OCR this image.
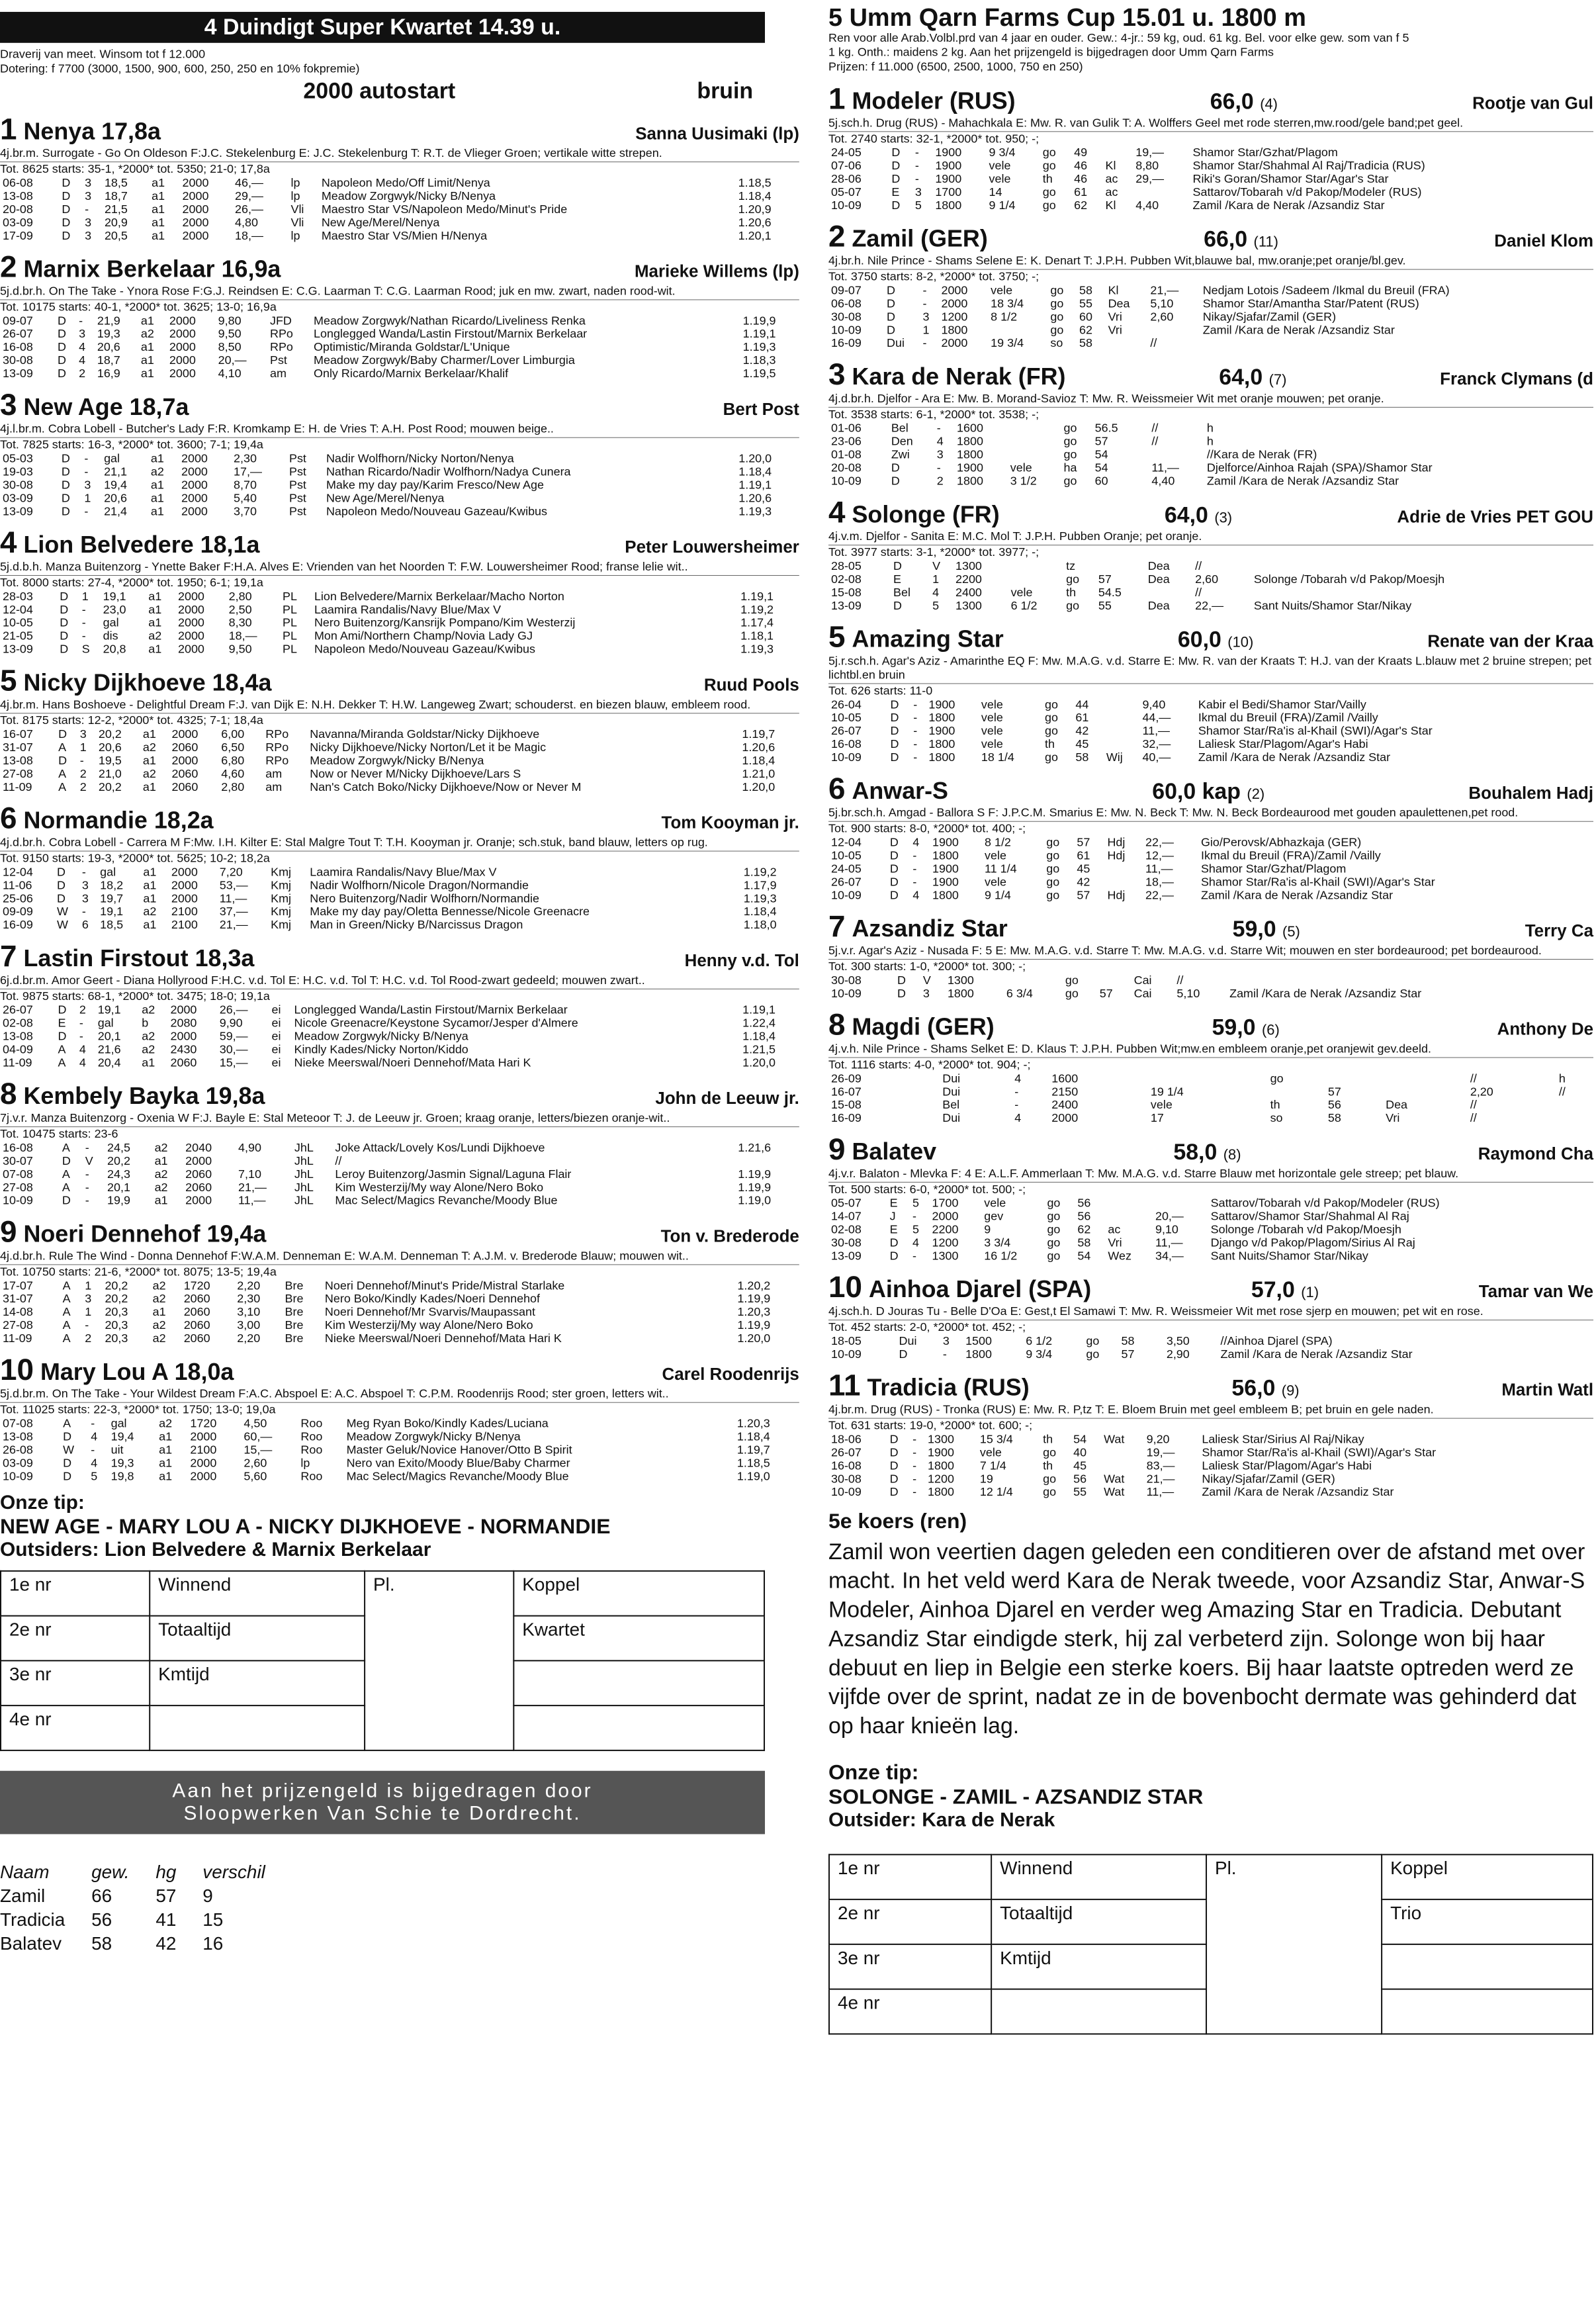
4 Duindigt Super Kwartet 14.39 u.
Draverij van meet. Winsom tot f 12.000
Dotering: f 7700 (3000, 1500, 900, 600, 250, 250 en 10% fokpremie)
2000 autostart	bruin
1 Nenya 17,8a	Sanna Uusimaki (lp)
4j.br.m. Surrogate - Go On Oldeson F:J.C. Stekelenburg E: J.C. Stekelenburg T: R.T. de Vlieger Groen; vertikale witte strepen.
Tot. 8625 starts: 35-1, *2000* tot. 5350; 21-0; 17,8a
06-08	D	3	18,5	a1	2000	46,—	lp	Napoleon Medo/Off Limit/Nenya	1.18,5
13-08	D	3	18,7	a1	2000	29,—	lp	Meadow Zorgwyk/Nicky B/Nenya	1.18,4
20-08	D	-	21,5	a1	2000	26,—	Vli	Maestro Star VS/Napoleon Medo/Minut's Pride	1.20,9
03-09	D	3	20,9	a1	2000	4,80	Vli	New Age/Merel/Nenya	1.20,6
17-09	D	3	20,5	a1	2000	18,—	lp	Maestro Star VS/Mien H/Nenya	1.20,1
2 Marnix Berkelaar 16,9a	Marieke Willems (lp)
5j.d.br.h. On The Take - Ynora Rose F:G.J. Reindsen E: C.G. Laarman T: C.G. Laarman Rood; juk en mw. zwart, naden rood-wit.
Tot. 10175 starts: 40-1, *2000* tot. 3625; 13-0; 16,9a
09-07	D	-	21,9	a1	2000	9,80	JFD	Meadow Zorgwyk/Nathan Ricardo/Liveliness Renka	1.19,9
26-07	D	3	19,3	a2	2000	9,50	RPo	Longlegged Wanda/Lastin Firstout/Marnix Berkelaar	1.19,1
16-08	D	4	20,6	a1	2000	8,50	RPo	Optimistic/Miranda Goldstar/L'Unique	1.19,3
30-08	D	4	18,7	a1	2000	20,—	Pst	Meadow Zorgwyk/Baby Charmer/Lover Limburgia	1.18,3
13-09	D	2	16,9	a1	2000	4,10	am	Only Ricardo/Marnix Berkelaar/Khalif	1.19,5
3 New Age 18,7a	Bert Post
4j.l.br.m. Cobra Lobell - Butcher's Lady F:R. Kromkamp E: H. de Vries T: A.H. Post Rood; mouwen beige..
Tot. 7825 starts: 16-3, *2000* tot. 3600; 7-1; 19,4a
05-03	D	-	gal	a1	2000	2,30	Pst	Nadir Wolfhorn/Nicky Norton/Nenya	1.20,0
19-03	D	-	21,1	a2	2000	17,—	Pst	Nathan Ricardo/Nadir Wolfhorn/Nadya Cunera	1.18,4
30-08	D	3	19,4	a1	2000	8,70	Pst	Make my day pay/Karim Fresco/New Age	1.19,1
03-09	D	1	20,6	a1	2000	5,40	Pst	New Age/Merel/Nenya	1.20,6
13-09	D	-	21,4	a1	2000	3,70	Pst	Napoleon Medo/Nouveau Gazeau/Kwibus	1.19,3
4 Lion Belvedere 18,1a	Peter Louwersheimer
5j.d.b.h. Manza Buitenzorg - Ynette Baker F:H.A. Alves E: Vrienden van het Noorden T: F.W. Louwersheimer Rood; franse lelie wit..
Tot. 8000 starts: 27-4, *2000* tot. 1950; 6-1; 19,1a
28-03	D	1	19,1	a1	2000	2,80	PL	Lion Belvedere/Marnix Berkelaar/Macho Norton	1.19,1
12-04	D	-	23,0	a1	2000	2,50	PL	Laamira Randalis/Navy Blue/Max V	1.19,2
10-05	D	-	gal	a1	2000	8,30	PL	Nero Buitenzorg/Kansrijk Pompano/Kim Westerzij	1.17,4
21-05	D	-	dis	a2	2000	18,—	PL	Mon Ami/Northern Champ/Novia Lady GJ	1.18,1
13-09	D	S	20,8	a1	2000	9,50	PL	Napoleon Medo/Nouveau Gazeau/Kwibus	1.19,3
5 Nicky Dijkhoeve 18,4a	Ruud Pools
4j.br.m. Hans Boshoeve - Delightful Dream F:J. van Dijk E: N.H. Dekker T: H.W. Langeweg Zwart; schouderst. en biezen blauw, embleem rood.
Tot. 8175 starts: 12-2, *2000* tot. 4325; 7-1; 18,4a
16-07	D	3	20,2	a1	2000	6,00	RPo	Navanna/Miranda Goldstar/Nicky Dijkhoeve	1.19,7
31-07	A	1	20,6	a2	2060	6,50	RPo	Nicky Dijkhoeve/Nicky Norton/Let it be Magic	1.20,6
13-08	D	-	19,5	a1	2000	6,80	RPo	Meadow Zorgwyk/Nicky B/Nenya	1.18,4
27-08	A	2	21,0	a2	2060	4,60	am	Now or Never M/Nicky Dijkhoeve/Lars S	1.21,0
11-09	A	2	20,2	a1	2060	2,80	am	Nan's Catch Boko/Nicky Dijkhoeve/Now or Never M	1.20,0
6 Normandie 18,2a	Tom Kooyman jr.
4j.d.br.h. Cobra Lobell - Carrera M F:Mw. I.H. Kilter E: Stal Malgre Tout T: T.H. Kooyman jr. Oranje; sch.stuk, band blauw, letters op rug.
Tot. 9150 starts: 19-3, *2000* tot. 5625; 10-2; 18,2a
12-04	D	-	gal	a1	2000	7,20	Kmj	Laamira Randalis/Navy Blue/Max V	1.19,2
11-06	D	3	18,2	a1	2000	53,—	Kmj	Nadir Wolfhorn/Nicole Dragon/Normandie	1.17,9
25-06	D	3	19,7	a1	2000	11,—	Kmj	Nero Buitenzorg/Nadir Wolfhorn/Normandie	1.19,3
09-09	W	-	19,1	a2	2100	37,—	Kmj	Make my day pay/Oletta Bennesse/Nicole Greenacre	1.18,4
16-09	W	6	18,5	a1	2100	21,—	Kmj	Man in Green/Nicky B/Narcissus Dragon	1.18,0
7 Lastin Firstout 18,3a	Henny v.d. Tol
6j.d.br.m. Amor Geert - Diana Hollyrood F:H.C. v.d. Tol E: H.C. v.d. Tol T: H.C. v.d. Tol Rood-zwart gedeeld; mouwen zwart..
Tot. 9875 starts: 68-1, *2000* tot. 3475; 18-0; 19,1a
26-07	D	2	19,1	a2	2000	26,—	ei	Longlegged Wanda/Lastin Firstout/Marnix Berkelaar	1.19,1
02-08	E	-	gal	b	2080	9,90	ei	Nicole Greenacre/Keystone Sycamor/Jesper d'Almere	1.22,4
13-08	D	-	20,1	a2	2000	59,—	ei	Meadow Zorgwyk/Nicky B/Nenya	1.18,4
04-09	A	4	21,6	a2	2430	30,—	ei	Kindly Kades/Nicky Norton/Kiddo	1.21,5
11-09	A	4	20,4	a1	2060	15,—	ei	Nieke Meerswal/Noeri Dennehof/Mata Hari K	1.20,0
8 Kembely Bayka 19,8a	John de Leeuw jr.
7j.v.r. Manza Buitenzorg - Oxenia W F:J. Bayle E: Stal Meteoor T: J. de Leeuw jr. Groen; kraag oranje, letters/biezen oranje-wit..
Tot. 10475 starts: 23-6
16-08	A	-	24,5	a2	2040	4,90	JhL	Joke Attack/Lovely Kos/Lundi Dijkhoeve	1.21,6
30-07	D	V	20,2	a1	2000		JhL	//	
07-08	A	-	24,3	a2	2060	7,10	JhL	Leroy Buitenzorg/Jasmin Signal/Laguna Flair	1.19,9
27-08	A	-	20,1	a2	2060	21,—	JhL	Kim Westerzij/My way Alone/Nero Boko	1.19,9
10-09	D	-	19,9	a1	2000	11,—	JhL	Mac Select/Magics Revanche/Moody Blue	1.19,0
9 Noeri Dennehof 19,4a	Ton v. Brederode
4j.d.br.h. Rule The Wind - Donna Dennehof F:W.A.M. Denneman E: W.A.M. Denneman T: A.J.M. v. Brederode Blauw; mouwen wit..
Tot. 10750 starts: 21-6, *2000* tot. 8075; 13-5; 19,4a
17-07	A	1	20,2	a2	1720	2,20	Bre	Noeri Dennehof/Minut's Pride/Mistral Starlake	1.20,2
31-07	A	3	20,2	a2	2060	2,30	Bre	Nero Boko/Kindly Kades/Noeri Dennehof	1.19,9
14-08	A	1	20,3	a1	2060	3,10	Bre	Noeri Dennehof/Mr Svarvis/Maupassant	1.20,3
27-08	A	-	20,3	a2	2060	3,00	Bre	Kim Westerzij/My way Alone/Nero Boko	1.19,9
11-09	A	2	20,3	a2	2060	2,20	Bre	Nieke Meerswal/Noeri Dennehof/Mata Hari K	1.20,0
10 Mary Lou A 18,0a	Carel Roodenrijs
5j.d.br.m. On The Take - Your Wildest Dream F:A.C. Abspoel E: A.C. Abspoel T: C.P.M. Roodenrijs Rood; ster groen, letters wit..
Tot. 11025 starts: 22-3, *2000* tot. 1750; 13-0; 19,0a
07-08	A	-	gal	a2	1720	4,50	Roo	Meg Ryan Boko/Kindly Kades/Luciana	1.20,3
13-08	D	4	19,4	a1	2000	60,—	Roo	Meadow Zorgwyk/Nicky B/Nenya	1.18,4
26-08	W	-	uit	a1	2100	15,—	Roo	Master Geluk/Novice Hanover/Otto B Spirit	1.19,7
03-09	D	4	19,3	a1	2000	2,60	lp	Nero van Exito/Moody Blue/Baby Charmer	1.18,5
10-09	D	5	19,8	a1	2000	5,60	Roo	Mac Select/Magics Revanche/Moody Blue	1.19,0
Onze tip:
NEW AGE - MARY LOU A - NICKY DIJKHOEVE - NORMANDIE
Outsiders: Lion Belvedere & Marnix Berkelaar
1e nr	Winnend	Pl.	Koppel
2e nr	Totaaltijd		Kwartet
3e nr	Kmtijd		
4e nr			
Aan het prijzengeld is bijgedragen door
Sloopwerken Van Schie te Dordrecht.
Naam	gew.	hg	verschil
Zamil	66	57	9
Tradicia	56	41	15
Balatev	58	42	16
5 Umm Qarn Farms Cup 15.01 u. 1800 m
Ren voor alle Arab.Volbl.prd van 4 jaar en ouder. Gew.: 4-jr.: 59 kg, oud. 61 kg. Bel. voor elke gew. som van f 5
1 kg. Onth.: maidens 2 kg. Aan het prijzengeld is bijgedragen door Umm Qarn Farms
Prijzen: f 11.000 (6500, 2500, 1000, 750 en 250)
1 Modeler (RUS)	66,0 (4)	Rootje van Gul
5j.sch.h. Drug (RUS) - Mahachkala E: Mw. R. van Gulik T: A. Wolffers Geel met rode sterren,mw.rood/gele band;pet geel.
Tot. 2740 starts: 32-1, *2000* tot. 950; -;
24-05	D	-	1900	9 3/4	go	49		19,—	Shamor Star/Gzhat/Plagom
07-06	D	-	1900	vele	go	46	Kl	8,80	Shamor Star/Shahmal Al Raj/Tradicia (RUS)
28-06	D	-	1900	vele	th	46	ac	29,—	Riki's Goran/Shamor Star/Agar's Star
05-07	E	3	1700	14	go	61	ac		Sattarov/Tobarah v/d Pakop/Modeler (RUS)
10-09	D	5	1800	9 1/4	go	62	Kl	4,40	Zamil /Kara de Nerak /Azsandiz Star
2 Zamil (GER)	66,0 (11)	Daniel Klom
4j.br.h. Nile Prince - Shams Selene E: K. Denart T: J.P.H. Pubben Wit,blauwe bal, mw.oranje;pet oranje/bl.gev.
Tot. 3750 starts: 8-2, *2000* tot. 3750; -;
09-07	D	-	2000	vele	go	58	Kl	21,—	Nedjam Lotois /Sadeem /Ikmal du Breuil (FRA)
06-08	D	-	2000	18 3/4	go	55	Dea	5,10	Shamor Star/Amantha Star/Patent (RUS)
30-08	D	3	1200	8 1/2	go	60	Vri	2,60	Nikay/Sjafar/Zamil (GER)
10-09	D	1	1800		go	62	Vri		Zamil /Kara de Nerak /Azsandiz Star
16-09	Dui	-	2000	19 3/4	so	58		//	
3 Kara de Nerak (FR)	64,0 (7)	Franck Clymans (d
4j.d.br.h. Djelfor - Ara E: Mw. B. Morand-Savioz T: Mw. R. Weissmeier Wit met oranje mouwen; pet oranje.
Tot. 3538 starts: 6-1, *2000* tot. 3538; -;
01-06	Bel	-	1600		go	56.5		//	h
23-06	Den	4	1800		go	57		//	h
01-08	Zwi	3	1800		go	54			//Kara de Nerak (FR)
20-08	D	-	1900	vele	ha	54		11,—	Djelforce/Ainhoa Rajah (SPA)/Shamor Star
10-09	D	2	1800	3 1/2	go	60		4,40	Zamil /Kara de Nerak /Azsandiz Star
4 Solonge (FR)	64,0 (3)	Adrie de Vries PET GOU
4j.v.m. Djelfor - Sanita E: M.C. Mol T: J.P.H. Pubben Oranje; pet oranje.
Tot. 3977 starts: 3-1, *2000* tot. 3977; -;
28-05	D	V	1300		tz		Dea	//	
02-08	E	1	2200		go	57	Dea	2,60	Solonge /Tobarah v/d Pakop/Moesjh
15-08	Bel	4	2400	vele	th	54.5		//	
13-09	D	5	1300	6 1/2	go	55	Dea	22,—	Sant Nuits/Shamor Star/Nikay
5 Amazing Star	60,0 (10)	Renate van der Kraa
5j.r.sch.h. Agar's Aziz - Amarinthe EQ F: Mw. M.A.G. v.d. Starre E: Mw. R. van der Kraats T: H.J. van der Kraats L.blauw met 2 bruine strepen; pet lichtbl.en bruin
Tot. 626 starts: 11-0
26-04	D	-	1900	vele	go	44		9,40	Kabir el Bedi/Shamor Star/Vailly
10-05	D	-	1800	vele	go	61		44,—	Ikmal du Breuil (FRA)/Zamil /Vailly
26-07	D	-	1900	vele	go	42		11,—	Shamor Star/Ra'is al-Khail (SWI)/Agar's Star
16-08	D	-	1800	vele	th	45		32,—	Laliesk Star/Plagom/Agar's Habi
10-09	D	-	1800	18 1/4	go	58	Wij	40,—	Zamil /Kara de Nerak /Azsandiz Star
6 Anwar-S	60,0 kap (2)	Bouhalem Hadj
5j.br.sch.h. Amgad - Ballora S F: J.P.C.M. Smarius E: Mw. N. Beck T: Mw. N. Beck Bordeaurood met gouden apaulettenen,pet rood.
Tot. 900 starts: 8-0, *2000* tot. 400; -;
12-04	D	4	1900	8 1/2	go	57	Hdj	22,—	Gio/Perovsk/Abhazkaja (GER)
10-05	D	-	1800	vele	go	61	Hdj	12,—	Ikmal du Breuil (FRA)/Zamil /Vailly
24-05	D	-	1900	11 1/4	go	45		11,—	Shamor Star/Gzhat/Plagom
26-07	D	-	1900	vele	go	42		18,—	Shamor Star/Ra'is al-Khail (SWI)/Agar's Star
10-09	D	4	1800	9 1/4	go	57	Hdj	22,—	Zamil /Kara de Nerak /Azsandiz Star
7 Azsandiz Star	59,0 (5)	Terry Ca
5j.v.r. Agar's Aziz - Nusada F: 5 E: Mw. M.A.G. v.d. Starre T: Mw. M.A.G. v.d. Starre Wit; mouwen en ster bordeaurood; pet bordeaurood.
Tot. 300 starts: 1-0, *2000* tot. 300; -;
30-08	D	V	1300		go		Cai	//	
10-09	D	3	1800	6 3/4	go	57	Cai	5,10	Zamil /Kara de Nerak /Azsandiz Star
8 Magdi (GER)	59,0 (6)	Anthony De
4j.v.h. Nile Prince - Shams Selket E: D. Klaus T: J.P.H. Pubben Wit;mw.en embleem oranje,pet oranjewit gev.deeld.
Tot. 1116 starts: 4-0, *2000* tot. 904; -;
26-09	Dui	4	1600		go			//	h
16-07	Dui	-	2150	19 1/4		57		2,20	//
15-08	Bel	-	2400	vele	th	56	Dea	//	
16-09	Dui	4	2000	17	so	58	Vri	//	
9 Balatev	58,0 (8)	Raymond Cha
4j.v.r. Balaton - Mlevka F: 4 E: A.L.F. Ammerlaan T: Mw. M.A.G. v.d. Starre Blauw met horizontale gele streep; pet blauw.
Tot. 500 starts: 6-0, *2000* tot. 500; -;
05-07	E	5	1700	vele	go	56			Sattarov/Tobarah v/d Pakop/Modeler (RUS)
14-07	J	-	2000	gev	go	56		20,—	Sattarov/Shamor Star/Shahmal Al Raj
02-08	E	5	2200	9	go	62	ac	9,10	Solonge /Tobarah v/d Pakop/Moesjh
30-08	D	4	1200	3 3/4	go	58	Vri	11,—	Django v/d Pakop/Plagom/Sirius Al Raj
13-09	D	-	1300	16 1/2	go	54	Wez	34,—	Sant Nuits/Shamor Star/Nikay
10 Ainhoa Djarel (SPA)	57,0 (1)	Tamar van We
4j.sch.h. D Jouras Tu - Belle D'Oa E: Gest,t El Samawi T: Mw. R. Weissmeier Wit met rose sjerp en mouwen; pet wit en rose.
Tot. 452 starts: 2-0, *2000* tot. 452; -;
18-05	Dui	3	1500	6 1/2	go	58		3,50	//Ainhoa Djarel (SPA)
10-09	D	-	1800	9 3/4	go	57		2,90	Zamil /Kara de Nerak /Azsandiz Star
11 Tradicia (RUS)	56,0 (9)	Martin Watl
4j.br.m. Drug (RUS) - Tronka (RUS) E: Mw. R. P,tz T: E. Bloem Bruin met geel embleem B; pet bruin en gele naden.
Tot. 631 starts: 19-0, *2000* tot. 600; -;
18-06	D	-	1300	15 3/4	th	54	Wat	9,20	Laliesk Star/Sirius Al Raj/Nikay
26-07	D	-	1900	vele	go	40		19,—	Shamor Star/Ra'is al-Khail (SWI)/Agar's Star
16-08	D	-	1800	7 1/4	th	45		83,—	Laliesk Star/Plagom/Agar's Habi
30-08	D	-	1200	19	go	56	Wat	21,—	Nikay/Sjafar/Zamil (GER)
10-09	D	-	1800	12 1/4	go	55	Wat	11,—	Zamil /Kara de Nerak /Azsandiz Star
5e koers (ren)
Zamil won veertien dagen geleden een conditieren over de afstand met over macht. In het veld werd Kara de Nerak tweede, voor Azsandiz Star, Anwar-S Modeler, Ainhoa Djarel en verder weg Amazing Star en Tradicia. Debutant Azsandiz Star eindigde sterk, hij zal verbeterd zijn. Solonge won bij haar debuut en liep in Belgie een sterke koers. Bij haar laatste optreden werd ze vijfde over de sprint, nadat ze in de bovenbocht dermate was gehinderd dat op haar knieën lag.
Onze tip:
SOLONGE - ZAMIL - AZSANDIZ STAR
Outsider: Kara de Nerak
1e nr	Winnend	Pl.	Koppel
2e nr	Totaaltijd		Trio
3e nr	Kmtijd		
4e nr			
